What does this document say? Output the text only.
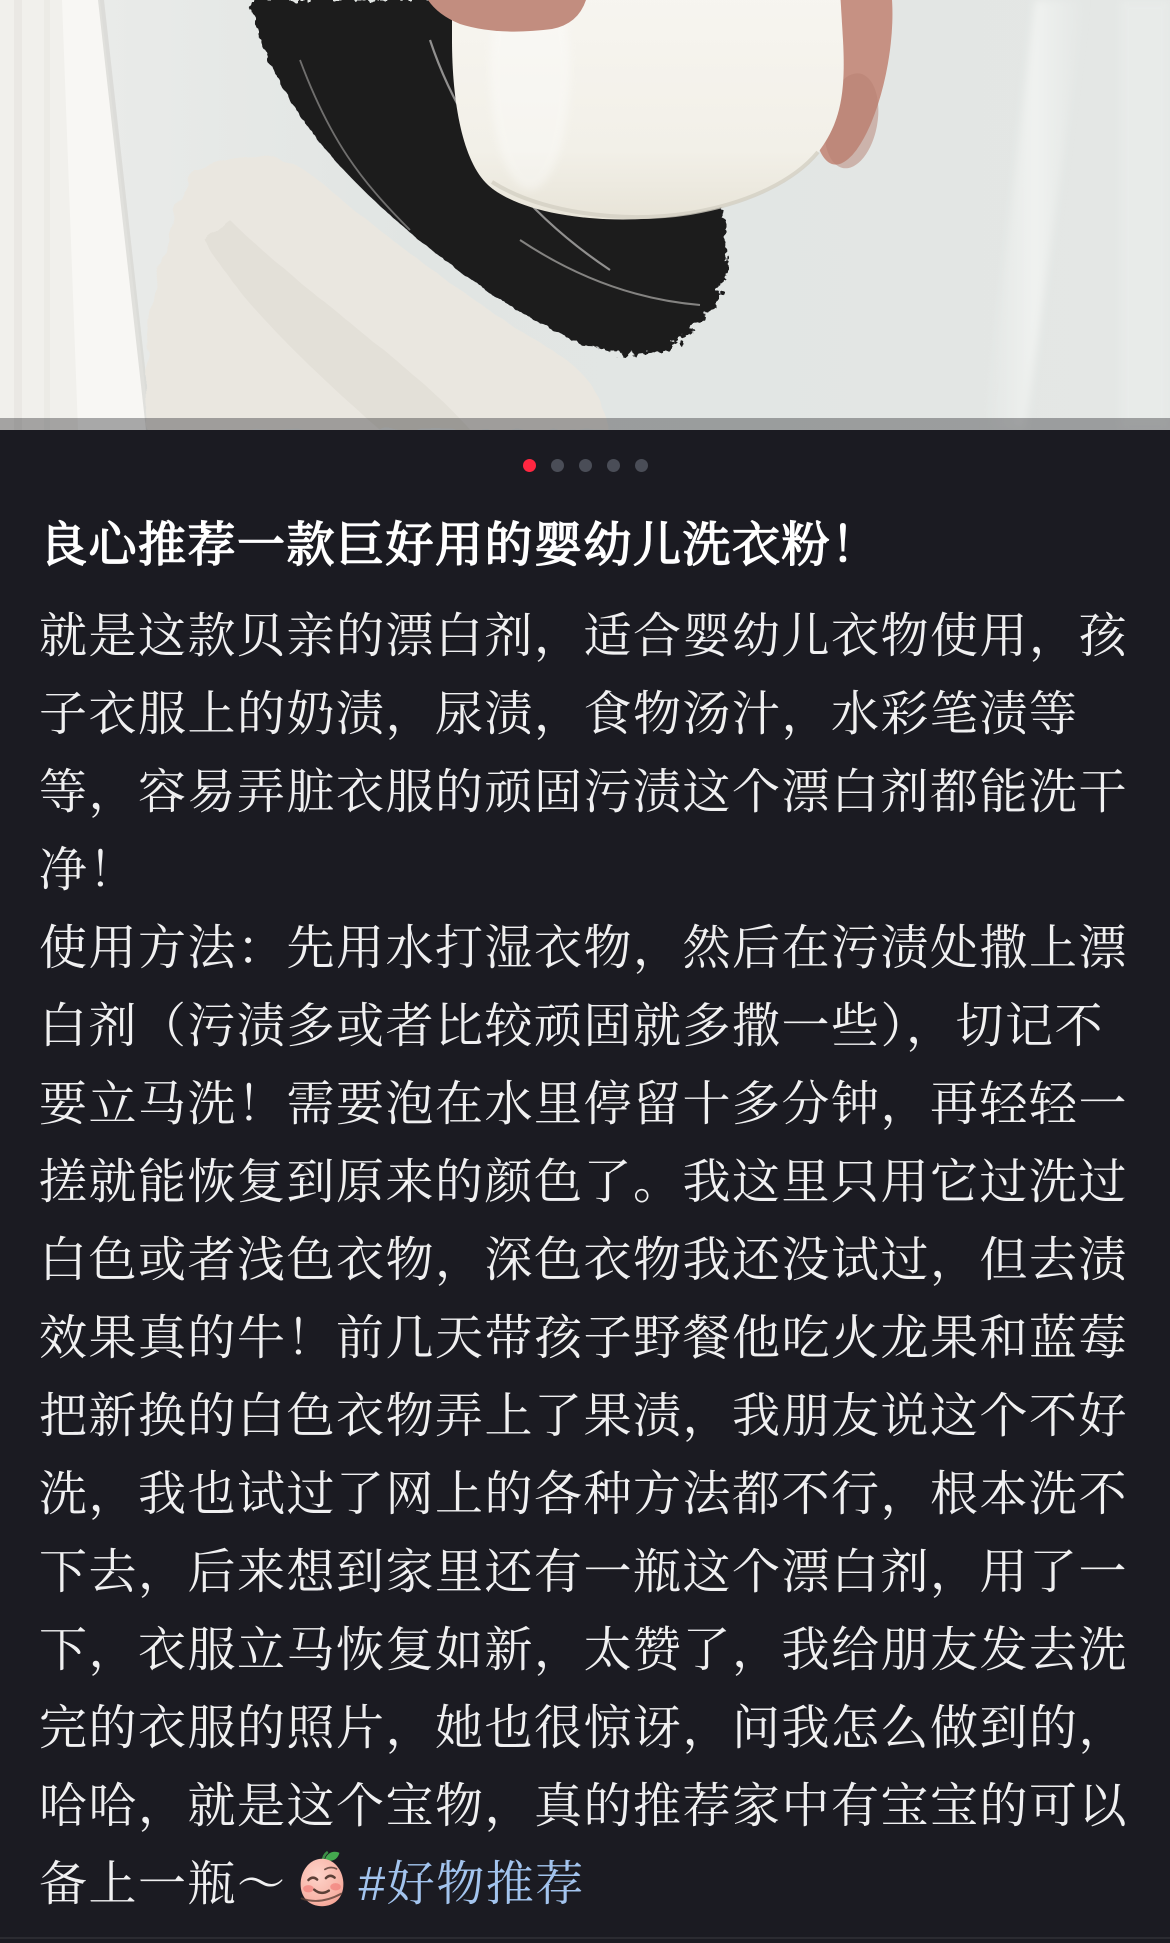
良心推荐一款巨好用的婴幼儿洗衣粉！

就是这款贝亲的漂白剂，适合婴幼儿衣物使用，孩子衣服上的奶渍，尿渍，食物汤汁，水彩笔渍等等，容易弄脏衣服的顽固污渍这个漂白剂都能洗干净！

使用方法：先用水打湿衣物，然后在污渍处撒上漂白剂（污渍多或者比较顽固就多撒一些），切记不要立马洗！需要泡在水里停留十多分钟，再轻轻一搓就能恢复到原来的颜色了。我这里只用它过洗过白色或者浅色衣物，深色衣物我还没试过，但去渍效果真的牛！前几天带孩子野餐他吃火龙果和蓝莓把新换的白色衣物弄上了果渍，我朋友说这个不好洗，我也试过了网上的各种方法都不行，根本洗不下去，后来想到家里还有一瓶这个漂白剂，用了一下，衣服立马恢复如新，太赞了，我给朋友发去洗完的衣服的照片，她也很惊讶，问我怎么做到的，哈哈，就是这个宝物，真的推荐家中有宝宝的可以备上一瓶～ #好物推荐
